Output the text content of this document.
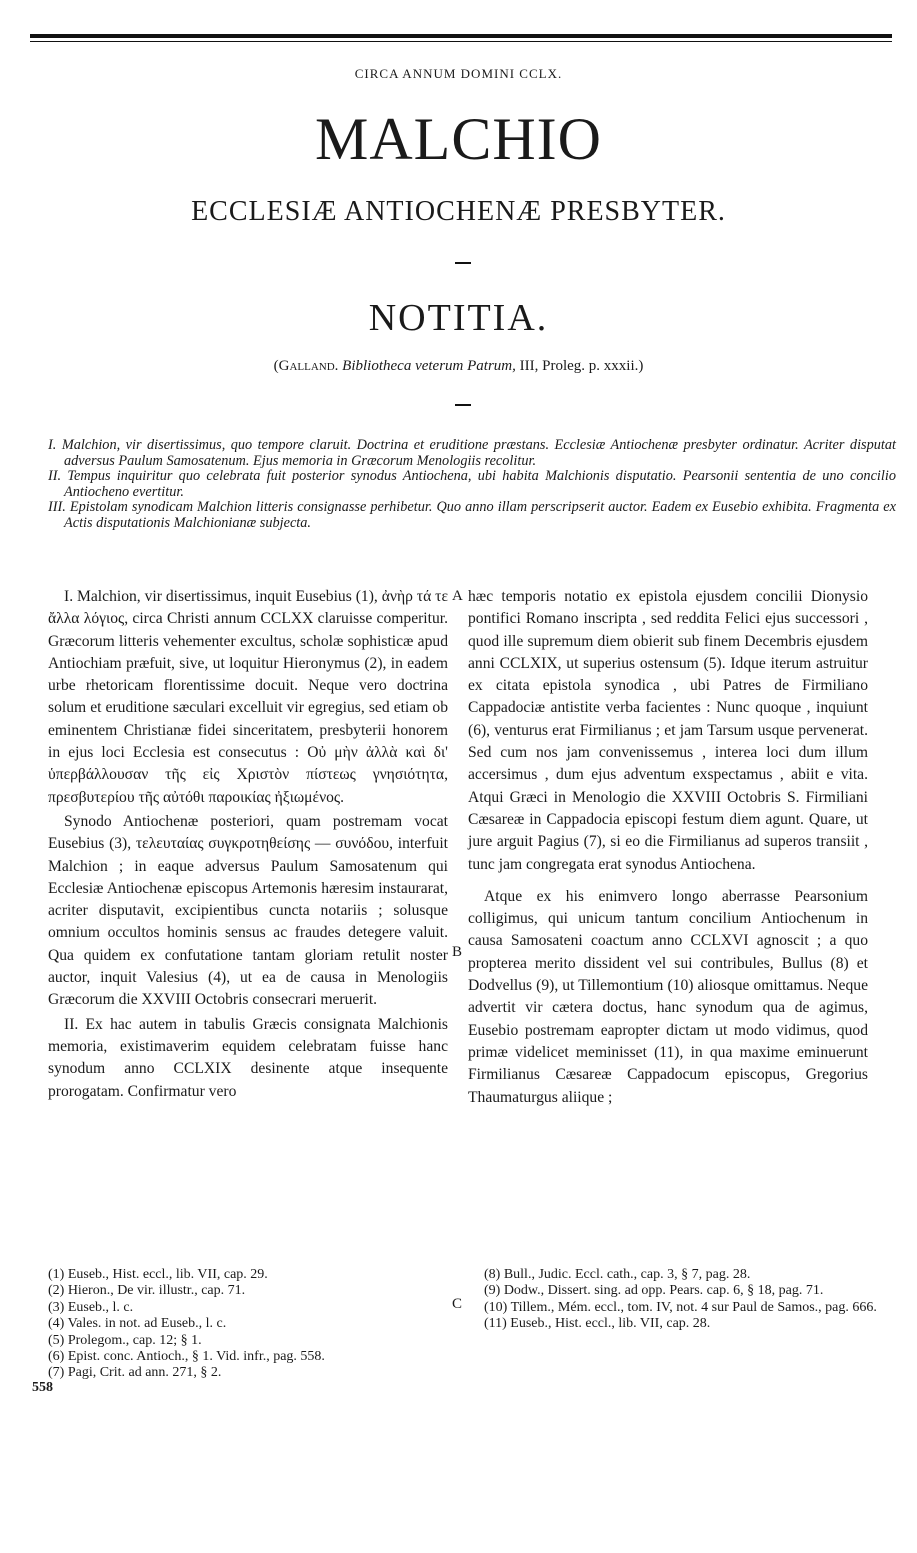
CIRCA ANNUM DOMINI CCLX.
MALCHIO
ECCLESIÆ ANTIOCHENÆ PRESBYTER.
NOTITIA.
(Galland. Bibliotheca veterum Patrum, III, Proleg. p. xxxii.)

I. Malchion, vir disertissimus, quo tempore claruit. Doctrina et eruditione præstans. Ecclesiæ Antiochenæ presbyter ordinatur. Acriter disputat adversus Paulum Samosatenum. Ejus memoria in Græcorum Menologiis recolitur.

II. Tempus inquiritur quo celebrata fuit posterior synodus Antiochena, ubi habita Malchionis disputatio. Pearsonii sententia de uno concilio Antiocheno evertitur.

III. Epistolam synodicam Malchion litteris consignasse perhibetur. Quo anno illam perscripserit auctor. Eadem ex Eusebio exhibita. Fragmenta ex Actis disputationis Malchionianæ subjecta.

I. Malchion, vir disertissimus, inquit Eusebius (1), ἀνὴρ τά τε ἄλλα λόγιος, circa Christi annum CCLXX claruisse comperitur. Græcorum litteris vehementer excultus, scholæ sophisticæ apud Antiochiam præfuit, sive, ut loquitur Hieronymus (2), in eadem urbe rhetoricam florentissime docuit. Neque vero doctrina solum et eruditione sæculari excelluit vir egregius, sed etiam ob eminentem Christianæ fidei sinceritatem, presbyterii honorem in ejus loci Ecclesia est consecutus : Οὐ μὴν ἀλλὰ καὶ δι' ὑπερβάλλουσαν τῆς εἰς Χριστὸν πίστεως γνησιότητα, πρεσβυτερίου τῆς αὐτόθι παροικίας ἠξιωμένος.

Synodo Antiochenæ posteriori, quam postremam vocat Eusebius (3), τελευταίας συγκροτηθείσης — συνόδου, interfuit Malchion ; in eaque adversus Paulum Samosatenum qui Ecclesiæ Antiochenæ episcopus Artemonis hæresim instaurarat, acriter disputavit, excipientibus cuncta notariis ; solusque omnium occultos hominis sensus ac fraudes detegere valuit. Qua quidem ex confutatione tantam gloriam retulit noster auctor, inquit Valesius (4), ut ea de causa in Menologiis Græcorum die XXVIII Octobris consecrari meruerit.

II. Ex hac autem in tabulis Græcis consignata Malchionis memoria, existimaverim equidem celebratam fuisse hanc synodum anno CCLXIX desinente atque insequente prorogatam. Confirmatur vero

A
B
C

hæc temporis notatio ex epistola ejusdem concilii Dionysio pontifici Romano inscripta , sed reddita Felici ejus successori , quod ille supremum diem obierit sub finem Decembris ejusdem anni CCLXIX, ut superius ostensum (5). Idque iterum astruitur ex citata epistola synodica , ubi Patres de Firmiliano Cappadociæ antistite verba facientes : Nunc quoque , inquiunt (6), venturus erat Firmilianus ; et jam Tarsum usque pervenerat. Sed cum nos jam convenissemus , interea loci dum illum accersimus , dum ejus adventum exspectamus , abiit e vita. Atqui Græci in Menologio die XXVIII Octobris S. Firmiliani Cæsareæ in Cappadocia episcopi festum diem agunt. Quare, ut jure arguit Pagius (7), si eo die Firmilianus ad superos transiit , tunc jam congregata erat synodus Antiochena.

Atque ex his enimvero longo aberrasse Pearsonium colligimus, qui unicum tantum concilium Antiochenum in causa Samosateni coactum anno CCLXVI agnoscit ; a quo propterea merito dissident vel sui contribules, Bullus (8) et Dodvellus (9), ut Tillemontium (10) aliosque omittamus. Neque advertit vir cætera doctus, hanc synodum qua de agimus, Eusebio postremam eapropter dictam ut modo vidimus, quod primæ videlicet meminisset (11), in qua maxime eminuerunt Firmilianus Cæsareæ Cappadocum episcopus, Gregorius Thaumaturgus aliique ;

(1) Euseb., Hist. eccl., lib. VII, cap. 29.
(2) Hieron., De vir. illustr., cap. 71.
(3) Euseb., l. c.
(4) Vales. in not. ad Euseb., l. c.
(5) Prolegom., cap. 12; § 1.
(6) Epist. conc. Antioch., § 1. Vid. infr., pag. 558.
(7) Pagi, Crit. ad ann. 271, § 2.
(8) Bull., Judic. Eccl. cath., cap. 3, § 7, pag. 28.
(9) Dodw., Dissert. sing. ad opp. Pears. cap. 6, § 18, pag. 71.
(10) Tillem., Mém. eccl., tom. IV, not. 4 sur Paul de Samos., pag. 666.
(11) Euseb., Hist. eccl., lib. VII, cap. 28.
558
